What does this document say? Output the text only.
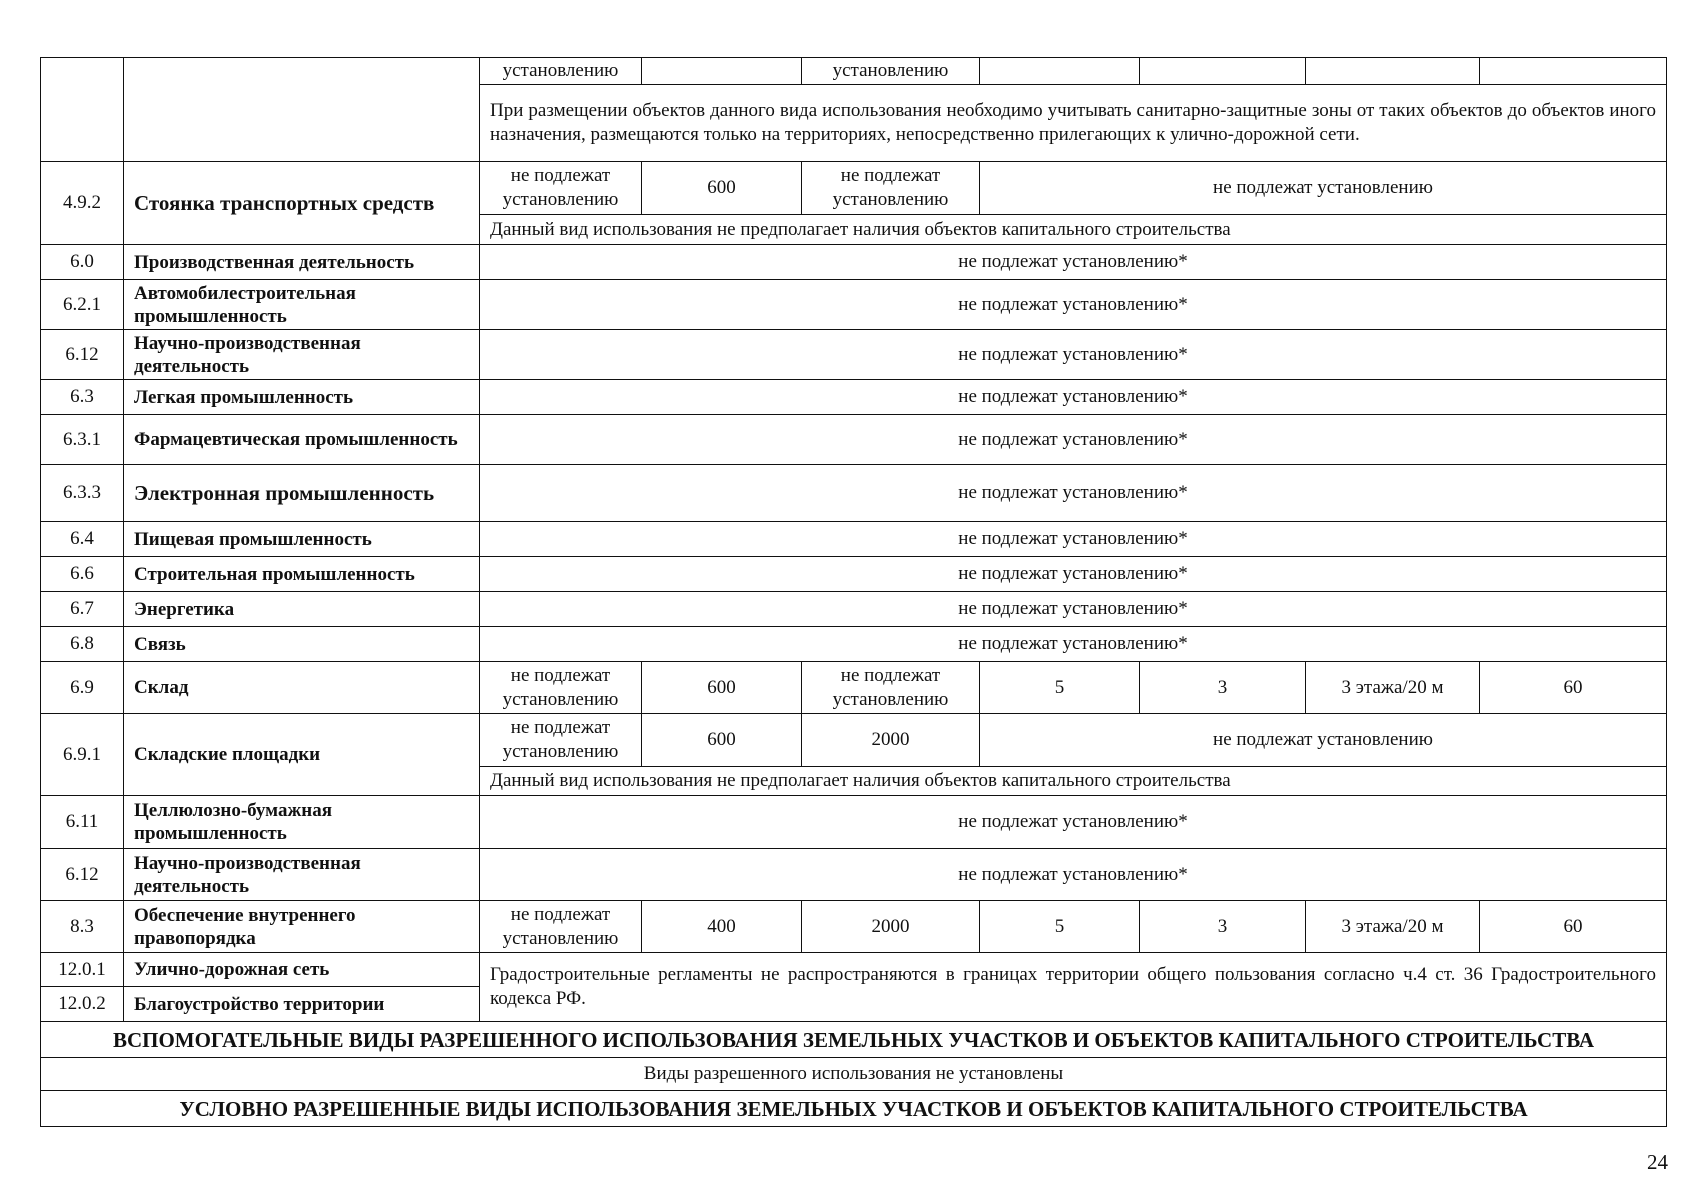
		установлению		установлению				
		При размещении объектов данного вида использования необходимо учитывать санитарно-защитные зоны от таких объектов до объектов иного назначения, размещаются только на территориях, непосредственно прилегающих к улично-дорожной сети.						
4.9.2	Стоянка транспортных средств	не подлежат установлению	600	не подлежат установлению	не подлежат установлению			
		Данный вид использования не предполагает наличия объектов капитального строительства						
6.0	Производственная деятельность	не подлежат установлению*						
6.2.1	Автомобилестроительная промышленность	не подлежат установлению*						
6.12	Научно-производственная деятельность	не подлежат установлению*						
6.3	Легкая промышленность	не подлежат установлению*						
6.3.1	Фармацевтическая промышленность	не подлежат установлению*						
6.3.3	Электронная промышленность	не подлежат установлению*						
6.4	Пищевая промышленность	не подлежат установлению*						
6.6	Строительная промышленность	не подлежат установлению*						
6.7	Энергетика	не подлежат установлению*						
6.8	Связь	не подлежат установлению*						
6.9	Склад	не подлежат установлению	600	не подлежат установлению	5	3	3 этажа/20 м	60
6.9.1	Складские площадки	не подлежат установлению	600	2000	не подлежат установлению			
		Данный вид использования не предполагает наличия объектов капитального строительства						
6.11	Целлюлозно-бумажная промышленность	не подлежат установлению*						
6.12	Научно-производственная деятельность	не подлежат установлению*						
8.3	Обеспечение внутреннего правопорядка	не подлежат установлению	400	2000	5	3	3 этажа/20 м	60
12.0.1	Улично-дорожная сеть	Градостроительные регламенты не распространяются в границах территории общего пользования согласно ч.4 ст. 36 Градостроительного кодекса РФ.						
12.0.2	Благоустройство территории							
ВСПОМОГАТЕЛЬНЫЕ ВИДЫ РАЗРЕШЕННОГО ИСПОЛЬЗОВАНИЯ ЗЕМЕЛЬНЫХ УЧАСТКОВ И ОБЪЕКТОВ КАПИТАЛЬНОГО СТРОИТЕЛЬСТВА								
Виды разрешенного использования не установлены								
УСЛОВНО РАЗРЕШЕННЫЕ ВИДЫ ИСПОЛЬЗОВАНИЯ ЗЕМЕЛЬНЫХ УЧАСТКОВ И ОБЪЕКТОВ КАПИТАЛЬНОГО СТРОИТЕЛЬСТВА								
24
